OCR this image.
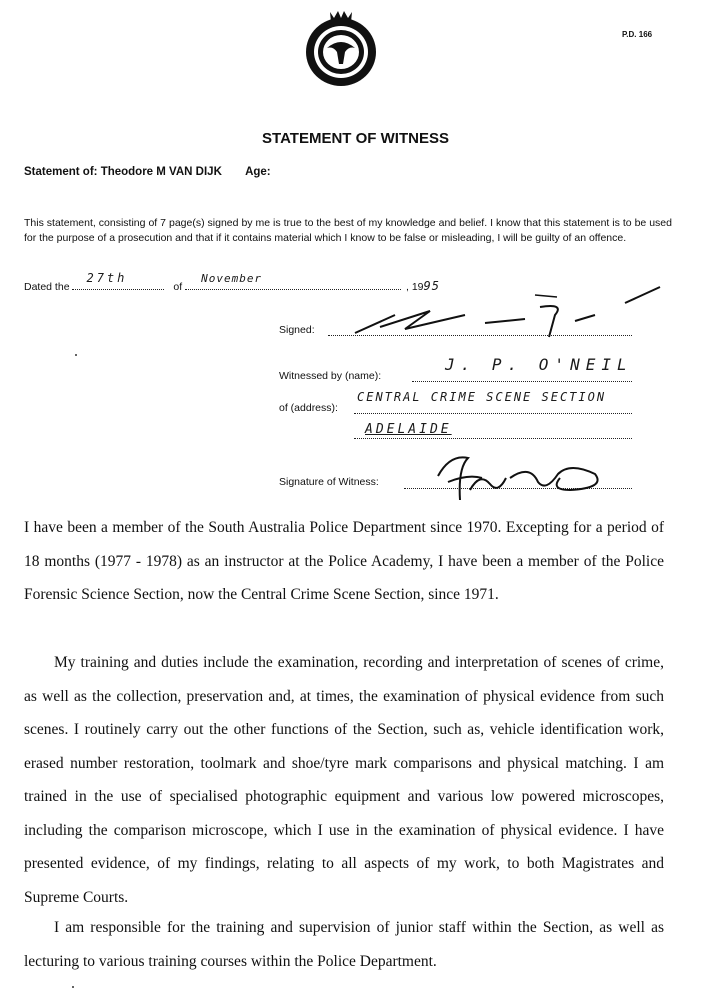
P.D. 166
STATEMENT OF WITNESS
Statement of: Theodore M VAN DIJK Age:
This statement, consisting of 7 page(s) signed by me is true to the best of my knowledge and belief. I know that this statement is to be used for the purpose of a prosecution and that if it contains material which I know to be false or misleading, I will be guilty of an offence.
Dated the
27th
of
November
, 1995
Signed:
Witnessed by (name):
J. P. O'NEIL
of (address):
CENTRAL CRIME SCENE SECTION
ADELAIDE
Signature of Witness:
I have been a member of the South Australia Police Department since 1970. Excepting for a period of 18 months (1977 - 1978) as an instructor at the Police Academy, I have been a member of the Police Forensic Science Section, now the Central Crime Scene Section, since 1971.
My training and duties include the examination, recording and interpretation of scenes of crime, as well as the collection, preservation and, at times, the examination of physical evidence from such scenes. I routinely carry out the other functions of the Section, such as, vehicle identification work, erased number restoration, toolmark and shoe/tyre mark comparisons and physical matching. I am trained in the use of specialised photographic equipment and various low powered microscopes, including the comparison microscope, which I use in the examination of physical evidence. I have presented evidence, of my findings, relating to all aspects of my work, to both Magistrates and Supreme Courts.
I am responsible for the training and supervision of junior staff within the Section, as well as lecturing to various training courses within the Police Department.
